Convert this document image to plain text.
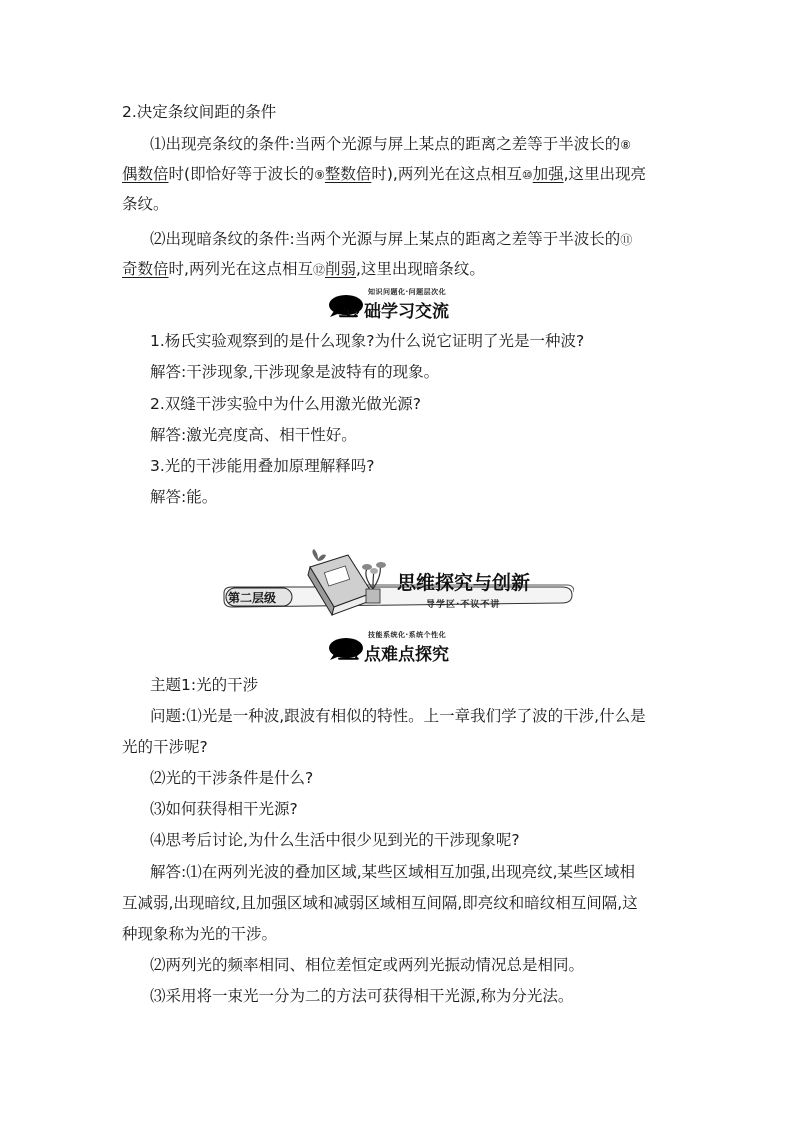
2.决定条纹间距的条件
⑴出现亮条纹的条件:当两个光源与屏上某点的距离之差等于半波长的⑧
偶数倍时(即恰好等于波长的⑨整数倍时),两列光在这点相互⑩加强,这里出现亮
条纹。
⑵出现暗条纹的条件:当两个光源与屏上某点的距离之差等于半波长的⑪
奇数倍时,两列光在这点相互⑫削弱,这里出现暗条纹。
知识问题化·问题层次化
基 础学习交流
1.杨氏实验观察到的是什么现象?为什么说它证明了光是一种波?
解答:干涉现象,干涉现象是波特有的现象。
2.双缝干涉实验中为什么用激光做光源?
解答:激光亮度高、相干性好。
3.光的干涉能用叠加原理解释吗?
解答:能。
第二层级
思维探究与创新
导学区·不议不讲
技能系统化·系统个性化
重 点难点探究
主题1:光的干涉
问题:⑴光是一种波,跟波有相似的特性。上一章我们学了波的干涉,什么是
光的干涉呢?
⑵光的干涉条件是什么?
⑶如何获得相干光源?
⑷思考后讨论,为什么生活中很少见到光的干涉现象呢?
解答:⑴在两列光波的叠加区域,某些区域相互加强,出现亮纹,某些区域相
互减弱,出现暗纹,且加强区域和减弱区域相互间隔,即亮纹和暗纹相互间隔,这
种现象称为光的干涉。
⑵两列光的频率相同、相位差恒定或两列光振动情况总是相同。
⑶采用将一束光一分为二的方法可获得相干光源,称为分光法。
